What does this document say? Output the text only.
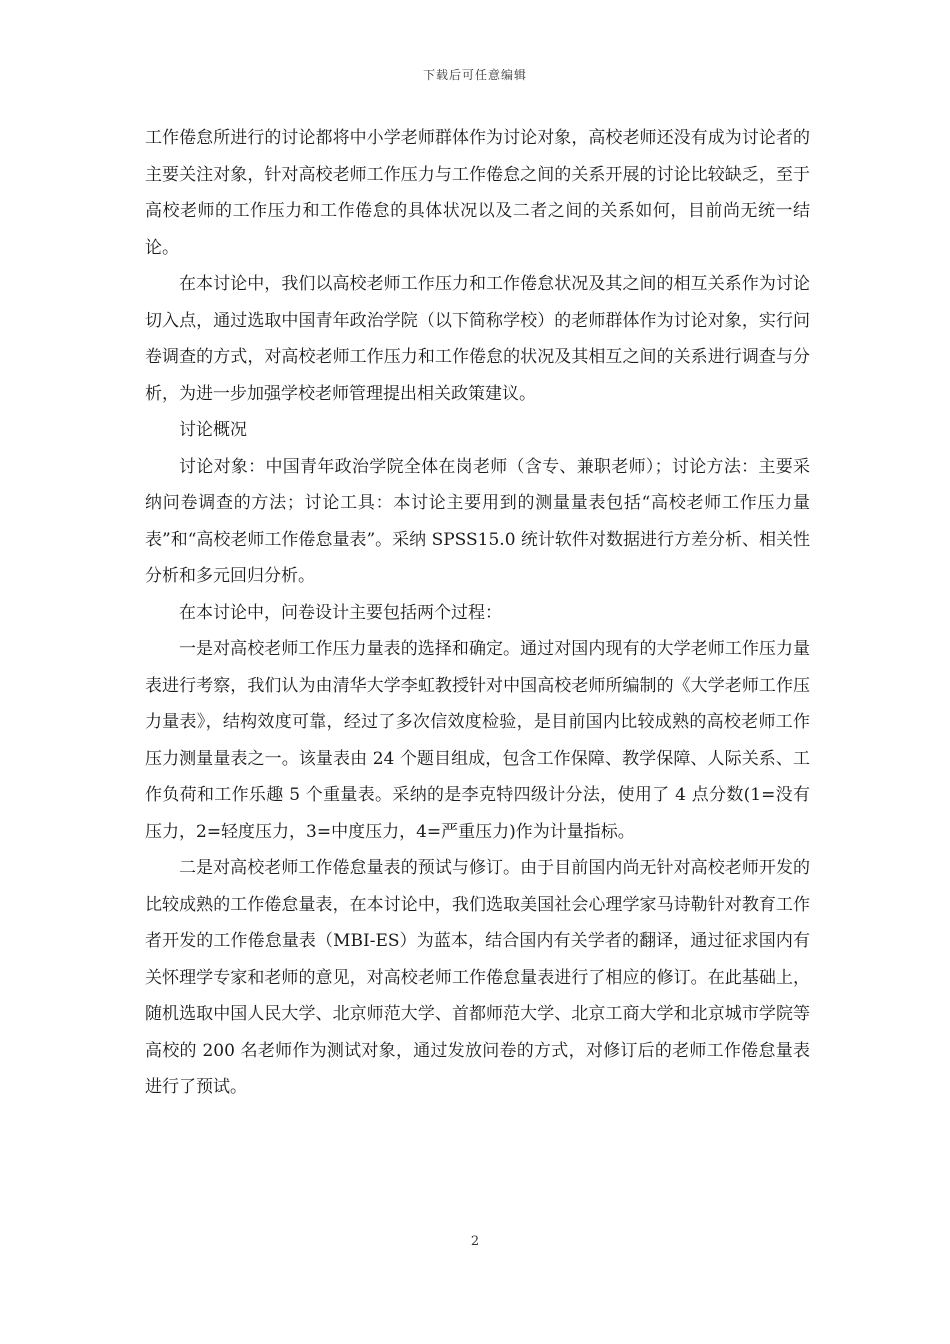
下载后可任意编辑

工作倦怠所进行的讨论都将中小学老师群体作为讨论对象，高校老师还没有成为讨论者的主要关注对象，针对高校老师工作压力与工作倦怠之间的关系开展的讨论比较缺乏，至于高校老师的工作压力和工作倦怠的具体状况以及二者之间的关系如何，目前尚无统一结论。

在本讨论中，我们以高校老师工作压力和工作倦怠状况及其之间的相互关系作为讨论切入点，通过选取中国青年政治学院（以下简称学校）的老师群体作为讨论对象，实行问卷调查的方式，对高校老师工作压力和工作倦怠的状况及其相互之间的关系进行调查与分析，为进一步加强学校老师管理提出相关政策建议。

讨论概况

讨论对象：中国青年政治学院全体在岗老师（含专、兼职老师）；讨论方法：主要采纳问卷调查的方法；讨论工具：本讨论主要用到的测量量表包括“高校老师工作压力量表”和“高校老师工作倦怠量表”。采纳 SPSS15.0 统计软件对数据进行方差分析、相关性分析和多元回归分析。

在本讨论中，问卷设计主要包括两个过程：

一是对高校老师工作压力量表的选择和确定。通过对国内现有的大学老师工作压力量表进行考察，我们认为由清华大学李虹教授针对中国高校老师所编制的《大学老师工作压力量表》，结构效度可靠，经过了多次信效度检验，是目前国内比较成熟的高校老师工作压力测量量表之一。该量表由 24 个题目组成，包含工作保障、教学保障、人际关系、工作负荷和工作乐趣 5 个重量表。采纳的是李克特四级计分法，使用了 4 点分数(1=没有压力，2=轻度压力，3=中度压力，4=严重压力)作为计量指标。

二是对高校老师工作倦怠量表的预试与修订。由于目前国内尚无针对高校老师开发的比较成熟的工作倦怠量表，在本讨论中，我们选取美国社会心理学家马诗勒针对教育工作者开发的工作倦怠量表（MBI-ES）为蓝本，结合国内有关学者的翻译，通过征求国内有关怀理学专家和老师的意见，对高校老师工作倦怠量表进行了相应的修订。在此基础上，随机选取中国人民大学、北京师范大学、首都师范大学、北京工商大学和北京城市学院等高校的 200 名老师作为测试对象，通过发放问卷的方式，对修订后的老师工作倦怠量表进行了预试。

2
